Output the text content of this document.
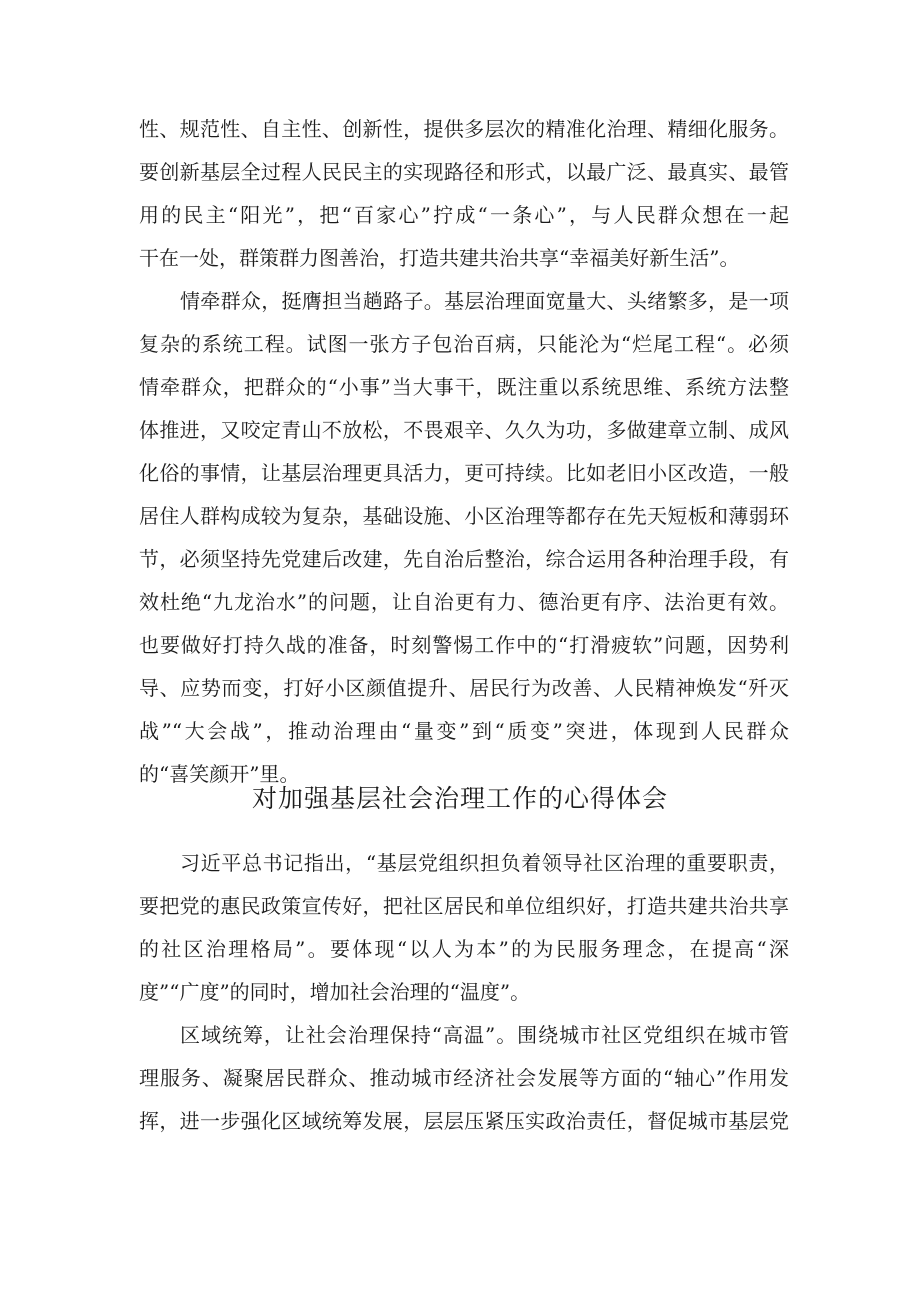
性、规范性、自主性、创新性，提供多层次的精准化治理、精细化服务。

要创新基层全过程人民民主的实现路径和形式，以最广泛、最真实、最管

用的民主“阳光”，把“百家心”拧成“一条心”，与人民群众想在一起

干在一处，群策群力图善治，打造共建共治共享“幸福美好新生活”。

情牵群众，挺膺担当趟路子。基层治理面宽量大、头绪繁多，是一项

复杂的系统工程。试图一张方子包治百病，只能沦为“烂尾工程“。必须

情牵群众，把群众的“小事”当大事干，既注重以系统思维、系统方法整

体推进，又咬定青山不放松，不畏艰辛、久久为功，多做建章立制、成风

化俗的事情，让基层治理更具活力，更可持续。比如老旧小区改造，一般

居住人群构成较为复杂，基础设施、小区治理等都存在先天短板和薄弱环

节，必须坚持先党建后改建，先自治后整治，综合运用各种治理手段，有

效杜绝“九龙治水”的问题，让自治更有力、德治更有序、法治更有效。

也要做好打持久战的准备，时刻警惕工作中的“打滑疲软”问题，因势利

导、应势而变，打好小区颜值提升、居民行为改善、人民精神焕发“歼灭

战”“大会战”，推动治理由“量变”到“质变”突进，体现到人民群众

的“喜笑颜开”里。

对加强基层社会治理工作的心得体会

习近平总书记指出，“基层党组织担负着领导社区治理的重要职责，

要把党的惠民政策宣传好，把社区居民和单位组织好，打造共建共治共享

的社区治理格局”。要体现“以人为本”的为民服务理念，在提高“深

度”“广度”的同时，增加社会治理的“温度”。

区域统筹，让社会治理保持“高温”。围绕城市社区党组织在城市管

理服务、凝聚居民群众、推动城市经济社会发展等方面的“轴心”作用发

挥，进一步强化区域统筹发展，层层压紧压实政治责任，督促城市基层党
